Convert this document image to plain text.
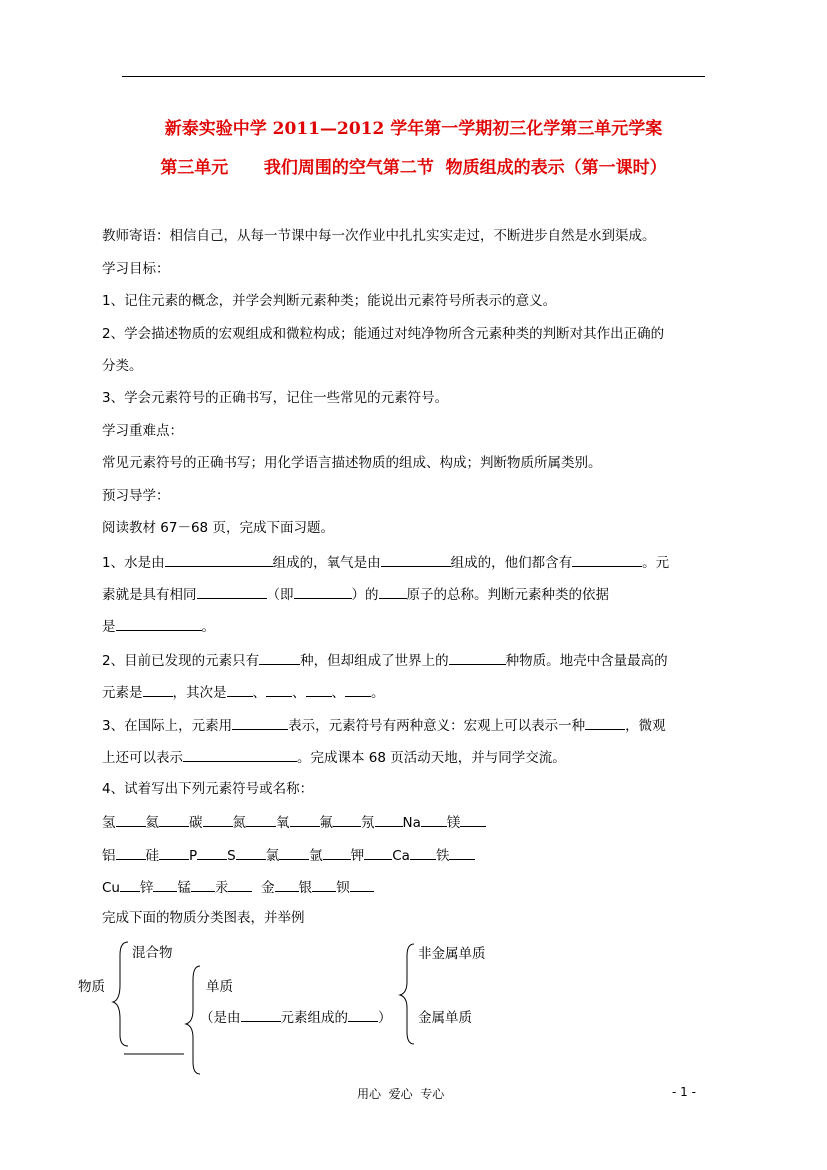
新泰实验中学 2011—2012 学年第一学期初三化学第三单元学案
第三单元      我们周围的空气第二节  物质组成的表示（第一课时）
教师寄语：相信自己，从每一节课中每一次作业中扎扎实实走过，不断进步自然是水到渠成。
学习目标：
1、记住元素的概念，并学会判断元素种类；能说出元素符号所表示的意义。
2、学会描述物质的宏观组成和微粒构成；能通过对纯净物所含元素种类的判断对其作出正确的
分类。
3、学会元素符号的正确书写，记住一些常见的元素符号。
学习重难点：
常见元素符号的正确书写；用化学语言描述物质的组成、构成；判断物质所属类别。
预习导学：
阅读教材 67－68 页，完成下面习题。
1、水是由	组成的，氧气是由	组成的，他们都含有	。元
素就是具有相同	（即	）的 原子的总称。判断元素种类的依据
是	。
2、目前已发现的元素只有	种，但却组成了世界上的	种物质。地壳中含量最高的
元素是 ，其次是 、 、 、 。
3、在国际上，元素用	表示，元素符号有两种意义：宏观上可以表示一种	，微观
上还可以表示	。完成课本 68 页活动天地，并与同学交流。
4、试着写出下列元素符号或名称：
氢 氦 碳 氮 氧 氟 氖 Na 镁
铝 硅 P S 氯 氩 钾 Ca 铁
Cu 锌 锰 汞 金 银 钡
完成下面的物质分类图表，并举例
物质
混合物
单质
（是由	元素组成的 ）
非金属单质
金属单质
用心  爱心  专心	- 1 -
